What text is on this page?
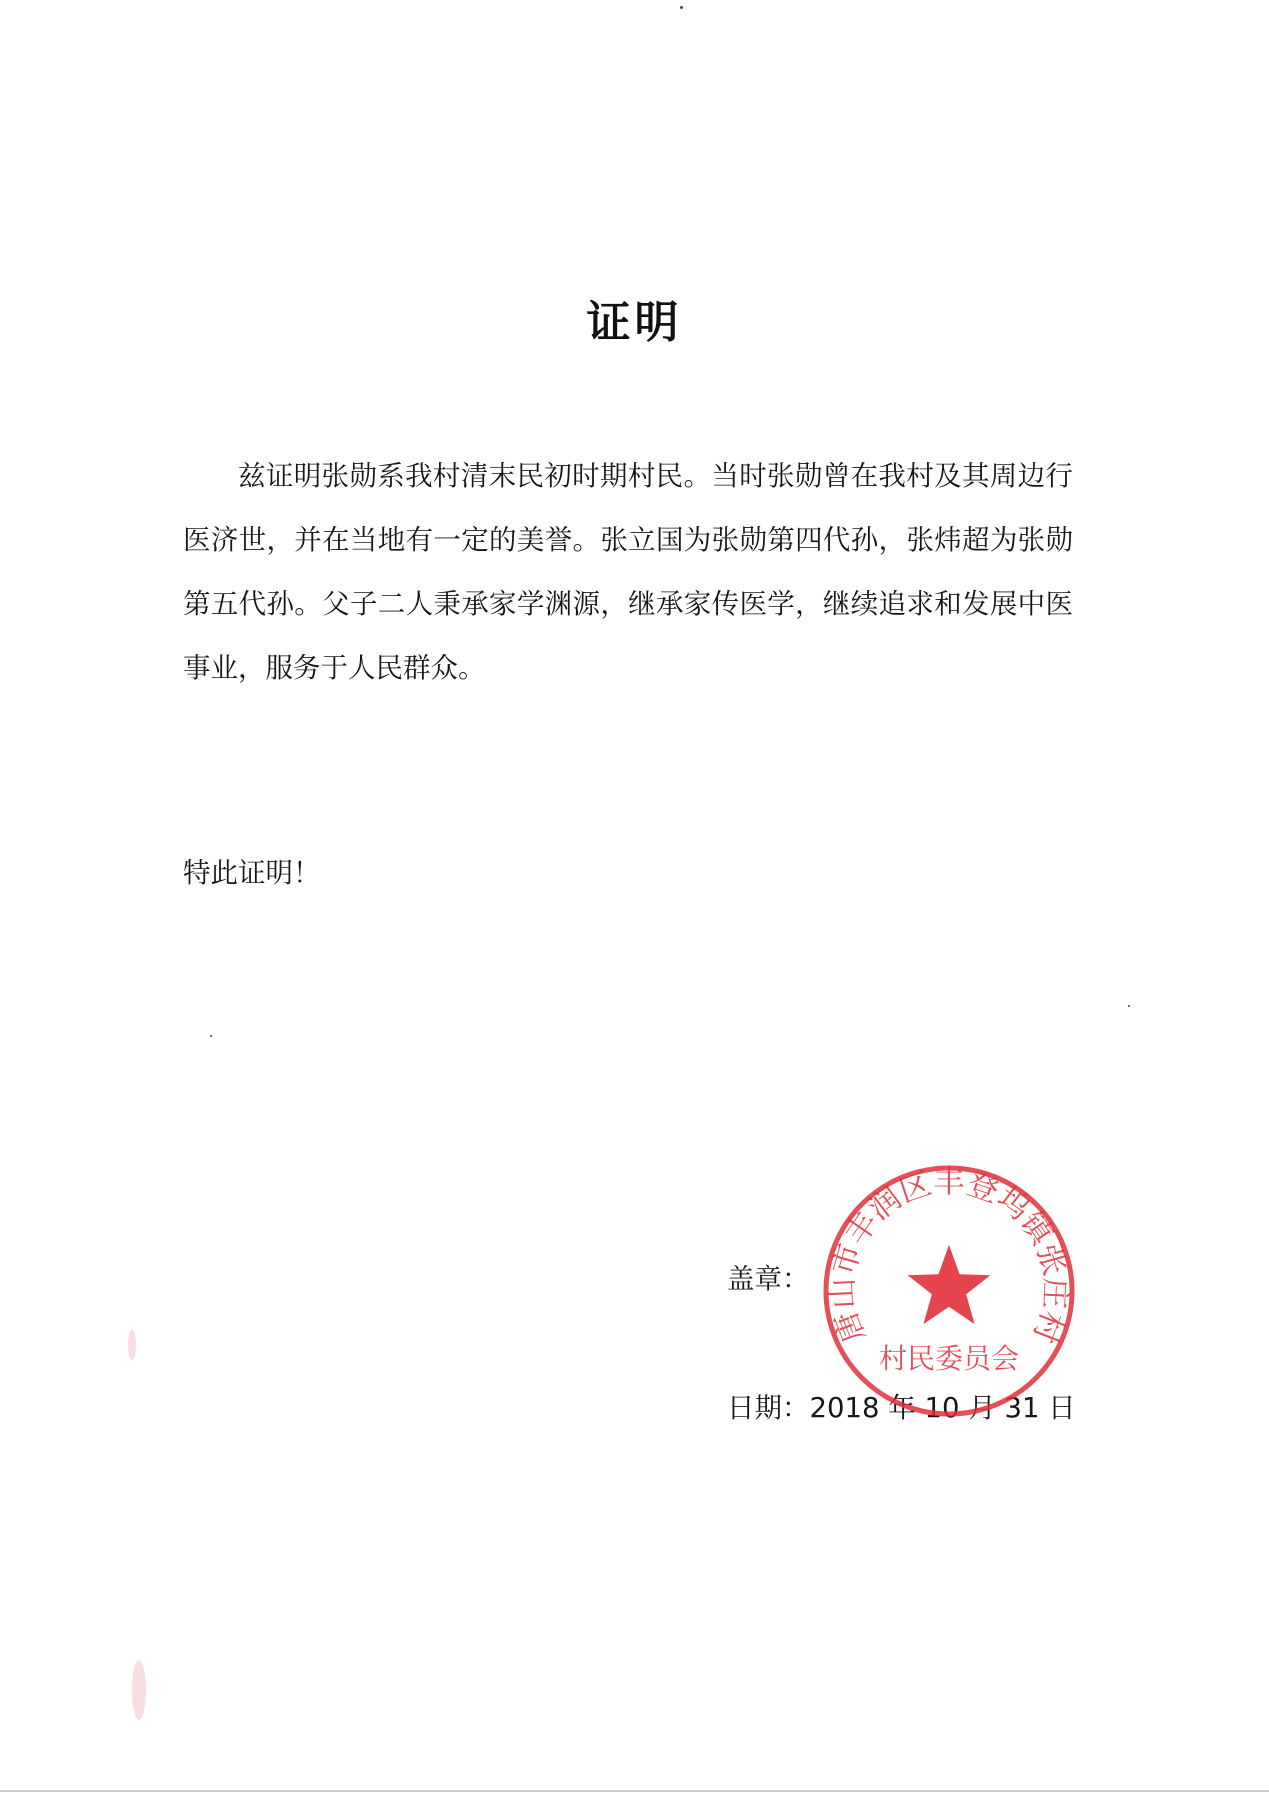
证明
兹证明张勋系我村清末民初时期村民。当时张勋曾在我村及其周边行医济世，并在当地有一定的美誉。张立国为张勋第四代孙，张炜超为张勋第五代孙。父子二人秉承家学渊源，继承家传医学，继续追求和发展中医事业，服务于人民群众。
特此证明！
盖章：
日期：2018 年 10 月 31 日
唐山市丰润区丰登坞镇张庄村
村民委员会
